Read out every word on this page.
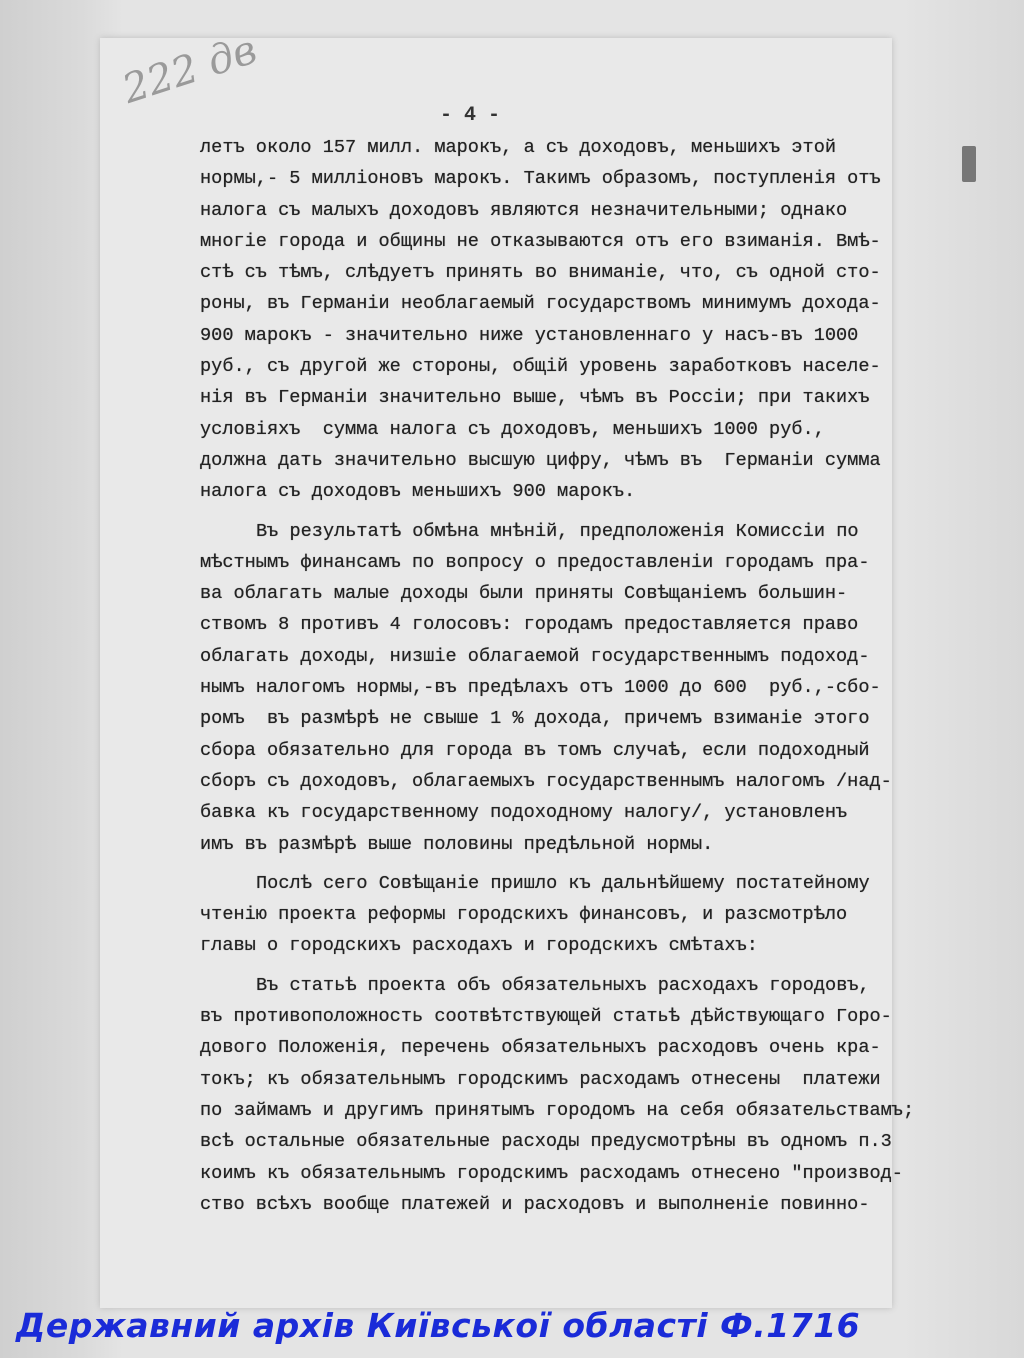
222 дв
- 4 -
летъ около 157 милл. марокъ, а съ доходовъ, меньшихъ этой
нормы,- 5 милліоновъ марокъ. Такимъ образомъ, поступленія отъ
налога съ малыхъ доходовъ являются незначительными; однако
многіе города и общины не отказываются отъ его взиманія. Вмѣ-
стѣ съ тѣмъ, слѣдуетъ принять во вниманіе, что, съ одной сто-
роны, въ Германіи необлагаемый государствомъ минимумъ дохода-
900 марокъ - значительно ниже установленнаго у насъ-въ 1000
руб., съ другой же стороны, общій уровень заработковъ населе-
нія въ Германіи значительно выше, чѣмъ въ Россіи; при такихъ
условіяхъ  сумма налога съ доходовъ, меньшихъ 1000 руб.,
должна дать значительно высшую цифру, чѣмъ въ  Германіи сумма
налога съ доходовъ меньшихъ 900 марокъ.
Въ результатѣ обмѣна мнѣній, предположенія Комиссіи по
мѣстнымъ финансамъ по вопросу о предоставленіи городамъ пра-
ва облагать малые доходы были приняты Совѣщаніемъ большин-
ствомъ 8 противъ 4 голосовъ: городамъ предоставляется право
облагать доходы, низшіе облагаемой государственнымъ подоход-
нымъ налогомъ нормы,-въ предѣлахъ отъ 1000 до 600  руб.,-сбо-
ромъ  въ размѣрѣ не свыше 1 % дохода, причемъ взиманіе этого
сбора обязательно для города въ томъ случаѣ, если подоходный
сборъ съ доходовъ, облагаемыхъ государственнымъ налогомъ /над-
бавка къ государственному подоходному налогу/, установленъ
имъ въ размѣрѣ выше половины предѣльной нормы.
Послѣ сего Совѣщаніе пришло къ дальнѣйшему постатейному
чтенію проекта реформы городскихъ финансовъ, и разсмотрѣло
главы о городскихъ расходахъ и городскихъ смѣтахъ:
Въ статьѣ проекта объ обязательныхъ расходахъ городовъ,
въ противоположность соотвѣтствующей статьѣ дѣйствующаго Горо-
дового Положенія, перечень обязательныхъ расходовъ очень кра-
токъ; къ обязательнымъ городскимъ расходамъ отнесены  платежи
по займамъ и другимъ принятымъ городомъ на себя обязательствамъ;
всѣ остальные обязательные расходы предусмотрѣны въ одномъ п.3
коимъ къ обязательнымъ городскимъ расходамъ отнесено "производ-
ство всѣхъ вообще платежей и расходовъ и выполненіе повинно-
Державний архів Київської області Ф.1716
